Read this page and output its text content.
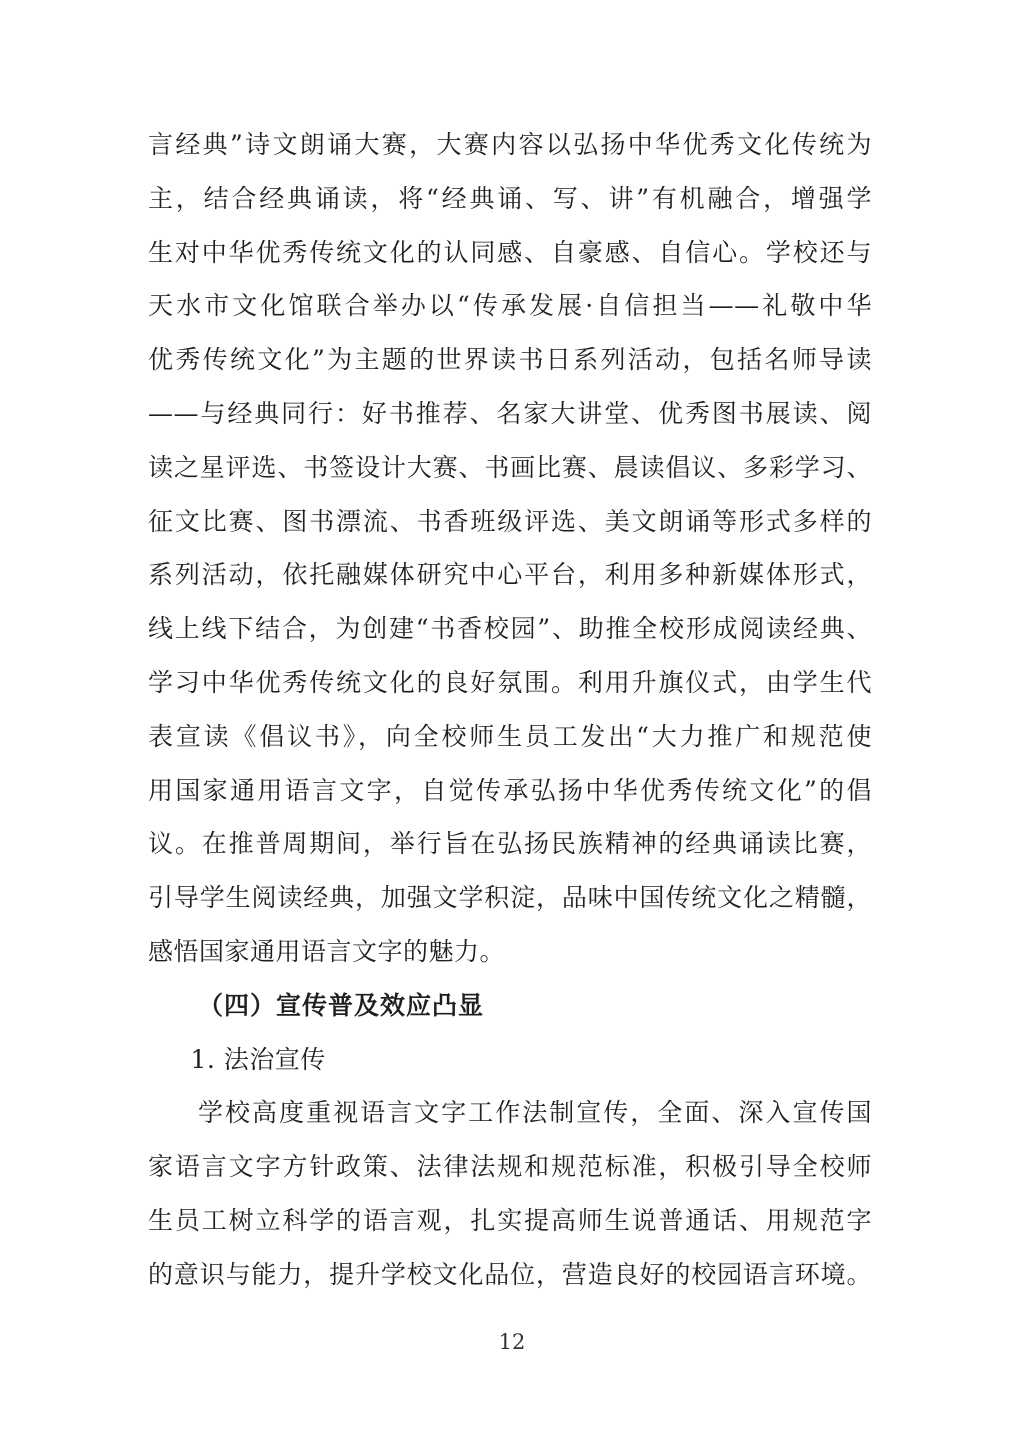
言经典”诗文朗诵大赛，大赛内容以弘扬中华优秀文化传统为
主，结合经典诵读，将“经典诵、写、讲”有机融合，增强学
生对中华优秀传统文化的认同感、自豪感、自信心。学校还与
天水市文化馆联合举办以“传承发展·自信担当——礼敬中华
优秀传统文化”为主题的世界读书日系列活动，包括名师导读
——与经典同行：好书推荐、名家大讲堂、优秀图书展读、阅
读之星评选、书签设计大赛、书画比赛、晨读倡议、多彩学习、
征文比赛、图书漂流、书香班级评选、美文朗诵等形式多样的
系列活动，依托融媒体研究中心平台，利用多种新媒体形式，
线上线下结合，为创建“书香校园”、助推全校形成阅读经典、
学习中华优秀传统文化的良好氛围。利用升旗仪式，由学生代
表宣读《倡议书》，向全校师生员工发出“大力推广和规范使
用国家通用语言文字，自觉传承弘扬中华优秀传统文化”的倡
议。在推普周期间，举行旨在弘扬民族精神的经典诵读比赛，
引导学生阅读经典，加强文学积淀，品味中国传统文化之精髓，
感悟国家通用语言文字的魅力。
（四）宣传普及效应凸显
1. 法治宣传
学校高度重视语言文字工作法制宣传，全面、深入宣传国
家语言文字方针政策、法律法规和规范标准，积极引导全校师
生员工树立科学的语言观，扎实提高师生说普通话、用规范字
的意识与能力，提升学校文化品位，营造良好的校园语言环境。
12
